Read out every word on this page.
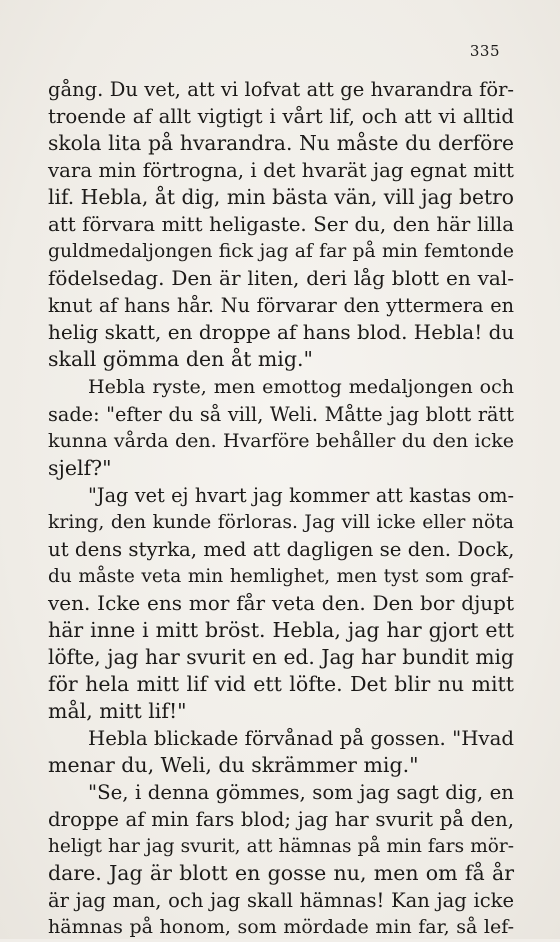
335
gång. Du vet, att vi lofvat att ge hvarandra för-
troende af allt vigtigt i vårt lif, och att vi alltid
skola lita på hvarandra. Nu måste du derföre
vara min förtrogna, i det hvarät jag egnat mitt
lif. Hebla, åt dig, min bästa vän, vill jag betro
att förvara mitt heligaste. Ser du, den här lilla
guldmedaljongen fick jag af far på min femtonde
födelsedag. Den är liten, deri låg blott en val-
knut af hans hår. Nu förvarar den yttermera en
helig skatt, en droppe af hans blod. Hebla! du
skall gömma den åt mig."
Hebla ryste, men emottog medaljongen och
sade: "efter du så vill, Weli. Måtte jag blott rätt
kunna vårda den. Hvarföre behåller du den icke
sjelf?"
"Jag vet ej hvart jag kommer att kastas om-
kring, den kunde förloras. Jag vill icke eller nöta
ut dens styrka, med att dagligen se den. Dock,
du måste veta min hemlighet, men tyst som graf-
ven. Icke ens mor får veta den. Den bor djupt
här inne i mitt bröst. Hebla, jag har gjort ett
löfte, jag har svurit en ed. Jag har bundit mig
för hela mitt lif vid ett löfte. Det blir nu mitt
mål, mitt lif!"
Hebla blickade förvånad på gossen. "Hvad
menar du, Weli, du skrämmer mig."
"Se, i denna gömmes, som jag sagt dig, en
droppe af min fars blod; jag har svurit på den,
heligt har jag svurit, att hämnas på min fars mör-
dare. Jag är blott en gosse nu, men om få år
är jag man, och jag skall hämnas! Kan jag icke
hämnas på honom, som mördade min far, så lef-
